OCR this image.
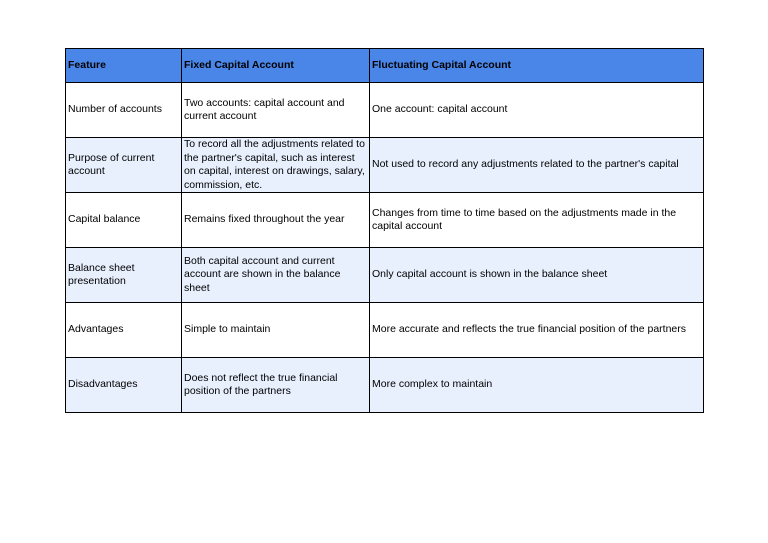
Feature	Fixed Capital Account	Fluctuating Capital Account
Number of accounts	Two accounts: capital account and current account	One account: capital account
Purpose of current account	To record all the adjustments related to the partner's capital, such as interest on capital, interest on drawings, salary, commission, etc.	Not used to record any adjustments related to the partner's capital
Capital balance	Remains fixed throughout the year	Changes from time to time based on the adjustments made in the capital account
Balance sheet presentation	Both capital account and current account are shown in the balance sheet	Only capital account is shown in the balance sheet
Advantages	Simple to maintain	More accurate and reflects the true financial position of the partners
Disadvantages	Does not reflect the true financial position of the partners	More complex to maintain
